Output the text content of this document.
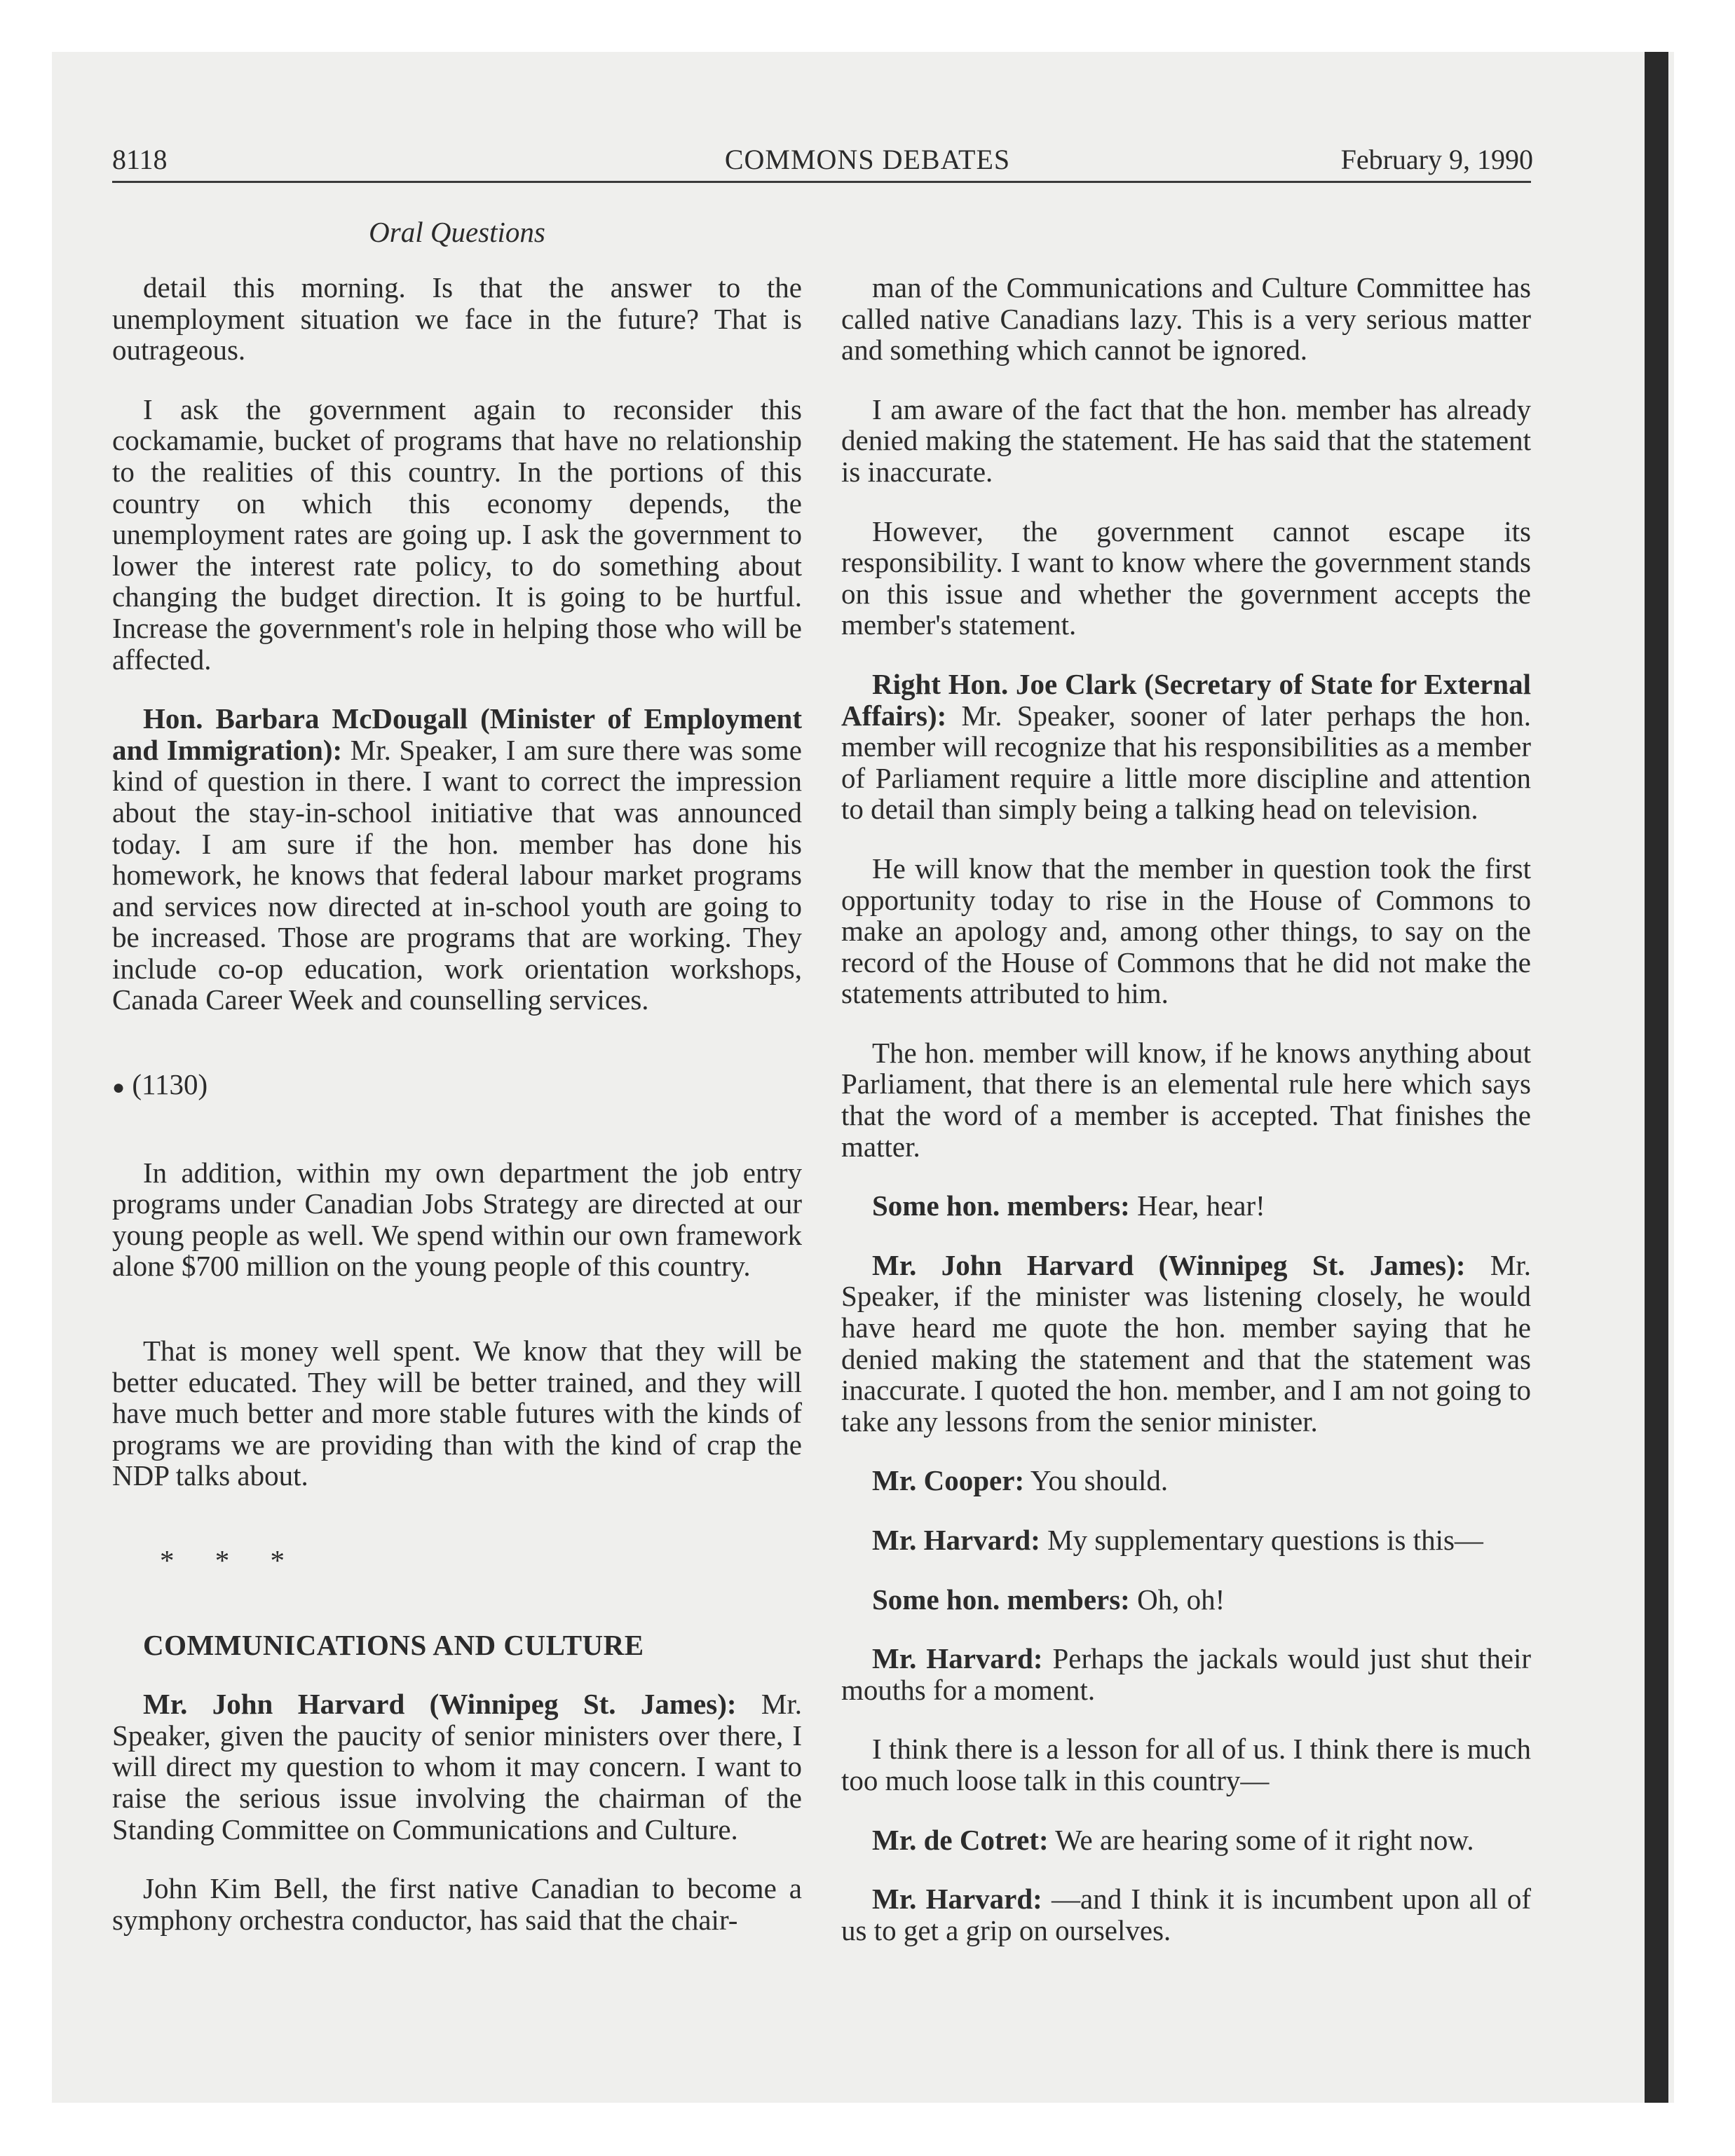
8118	COMMONS DEBATES	February 9, 1990
Oral Questions

detail this morning. Is that the answer to the unemployment situation we face in the future? That is outrageous.

I ask the government again to reconsider this cockamamie, bucket of programs that have no relationship to the realities of this country. In the portions of this country on which this economy depends, the unemployment rates are going up. I ask the government to lower the interest rate policy, to do something about changing the budget direction. It is going to be hurtful. Increase the government's role in helping those who will be affected.

Hon. Barbara McDougall (Minister of Employment and Immigration): Mr. Speaker, I am sure there was some kind of question in there. I want to correct the impression about the stay-in-school initiative that was announced today. I am sure if the hon. member has done his homework, he knows that federal labour market programs and services now directed at in-school youth are going to be increased. Those are programs that are working. They include co-op education, work orientation workshops, Canada Career Week and counselling services.

● (1130)

In addition, within my own department the job entry programs under Canadian Jobs Strategy are directed at our young people as well. We spend within our own framework alone $700 million on the young people of this country.

That is money well spent. We know that they will be better educated. They will be better trained, and they will have much better and more stable futures with the kinds of programs we are providing than with the kind of crap the NDP talks about.

* * *

COMMUNICATIONS AND CULTURE

Mr. John Harvard (Winnipeg St. James): Mr. Speaker, given the paucity of senior ministers over there, I will direct my question to whom it may concern. I want to raise the serious issue involving the chairman of the Standing Committee on Communications and Culture.

John Kim Bell, the first native Canadian to become a symphony orchestra conductor, has said that the chair-

man of the Communications and Culture Committee has called native Canadians lazy. This is a very serious matter and something which cannot be ignored.

I am aware of the fact that the hon. member has already denied making the statement. He has said that the statement is inaccurate.

However, the government cannot escape its responsibility. I want to know where the government stands on this issue and whether the government accepts the member's statement.

Right Hon. Joe Clark (Secretary of State for External Affairs): Mr. Speaker, sooner of later perhaps the hon. member will recognize that his responsibilities as a member of Parliament require a little more discipline and attention to detail than simply being a talking head on television.

He will know that the member in question took the first opportunity today to rise in the House of Commons to make an apology and, among other things, to say on the record of the House of Commons that he did not make the statements attributed to him.

The hon. member will know, if he knows anything about Parliament, that there is an elemental rule here which says that the word of a member is accepted. That finishes the matter.

Some hon. members: Hear, hear!

Mr. John Harvard (Winnipeg St. James): Mr. Speaker, if the minister was listening closely, he would have heard me quote the hon. member saying that he denied making the statement and that the statement was inaccurate. I quoted the hon. member, and I am not going to take any lessons from the senior minister.

Mr. Cooper: You should.

Mr. Harvard: My supplementary questions is this—

Some hon. members: Oh, oh!

Mr. Harvard: Perhaps the jackals would just shut their mouths for a moment.

I think there is a lesson for all of us. I think there is much too much loose talk in this country—

Mr. de Cotret: We are hearing some of it right now.

Mr. Harvard: —and I think it is incumbent upon all of us to get a grip on ourselves.
